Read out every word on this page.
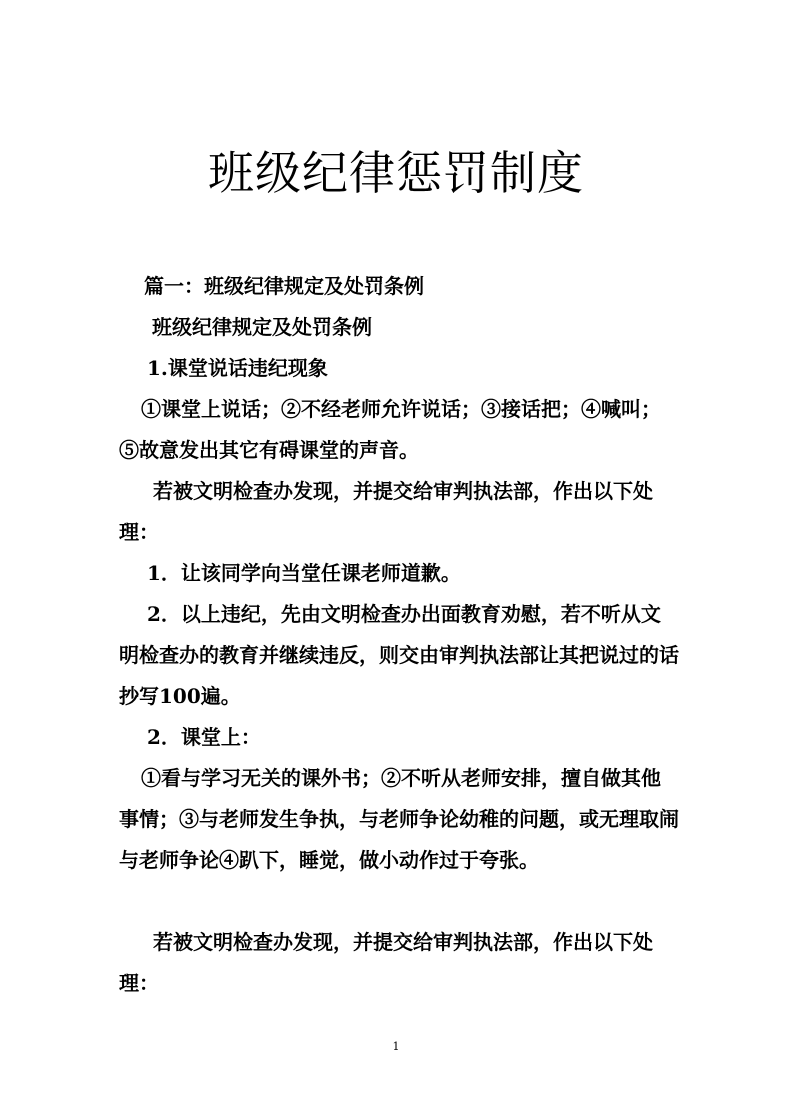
班级纪律惩罚制度

篇一：班级纪律规定及处罚条例

班级纪律规定及处罚条例

1.课堂说话违纪现象

①课堂上说话；②不经老师允许说话；③接话把；④喊叫；⑤故意发出其它有碍课堂的声音。

若被文明检查办发现，并提交给审判执法部，作出以下处理：

1．让该同学向当堂任课老师道歉。

2．以上违纪，先由文明检查办出面教育劝慰，若不听从文明检查办的教育并继续违反，则交由审判执法部让其把说过的话抄写100遍。

2．课堂上：

①看与学习无关的课外书；②不听从老师安排，擅自做其他事情；③与老师发生争执，与老师争论幼稚的问题，或无理取闹与老师争论④趴下，睡觉，做小动作过于夸张。

若被文明检查办发现，并提交给审判执法部，作出以下处理：

1
